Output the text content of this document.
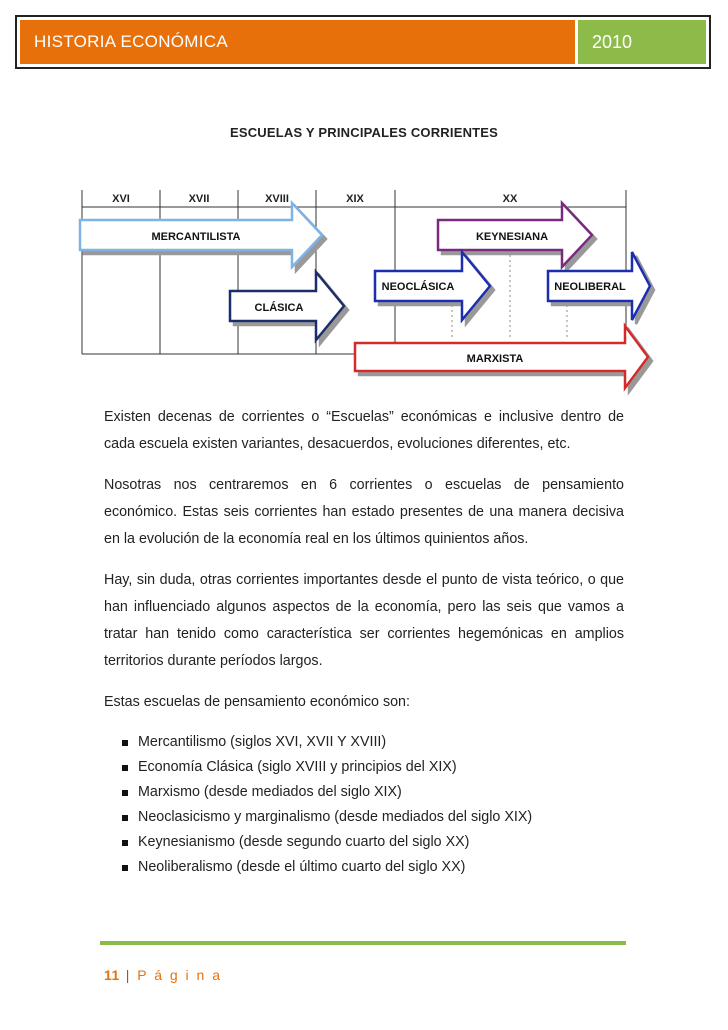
HISTORIA ECONÓMICA	2010
ESCUELAS Y PRINCIPALES CORRIENTES
XVI	XVII	XVIII	XIX	XX
MERCANTILISTA	KEYNESIANA
NEOCLÁSICA	NEOLIBERAL
CLÁSICA
MARXISTA

Existen decenas de corrientes o “Escuelas” económicas e inclusive dentro de cada escuela existen variantes, desacuerdos, evoluciones diferentes, etc.

Nosotras nos centraremos en 6 corrientes o escuelas de pensamiento económico. Estas seis corrientes han estado presentes de una manera decisiva en la evolución de la economía real en los últimos quinientos años.

Hay, sin duda, otras corrientes importantes desde el punto de vista teórico, o que han influenciado algunos aspectos de la economía, pero las seis que vamos a tratar han tenido como característica ser corrientes hegemónicas en amplios territorios durante períodos largos.

Estas escuelas de pensamiento económico son:

Mercantilismo (siglos XVI, XVII Y XVIII)
Economía Clásica (siglo XVIII y principios del XIX)
Marxismo (desde mediados del siglo XIX)
Neoclasicismo y marginalismo (desde mediados del siglo XIX)
Keynesianismo (desde segundo cuarto del siglo XX)
Neoliberalismo (desde el último cuarto del siglo XX)
11 | P á g i n a
